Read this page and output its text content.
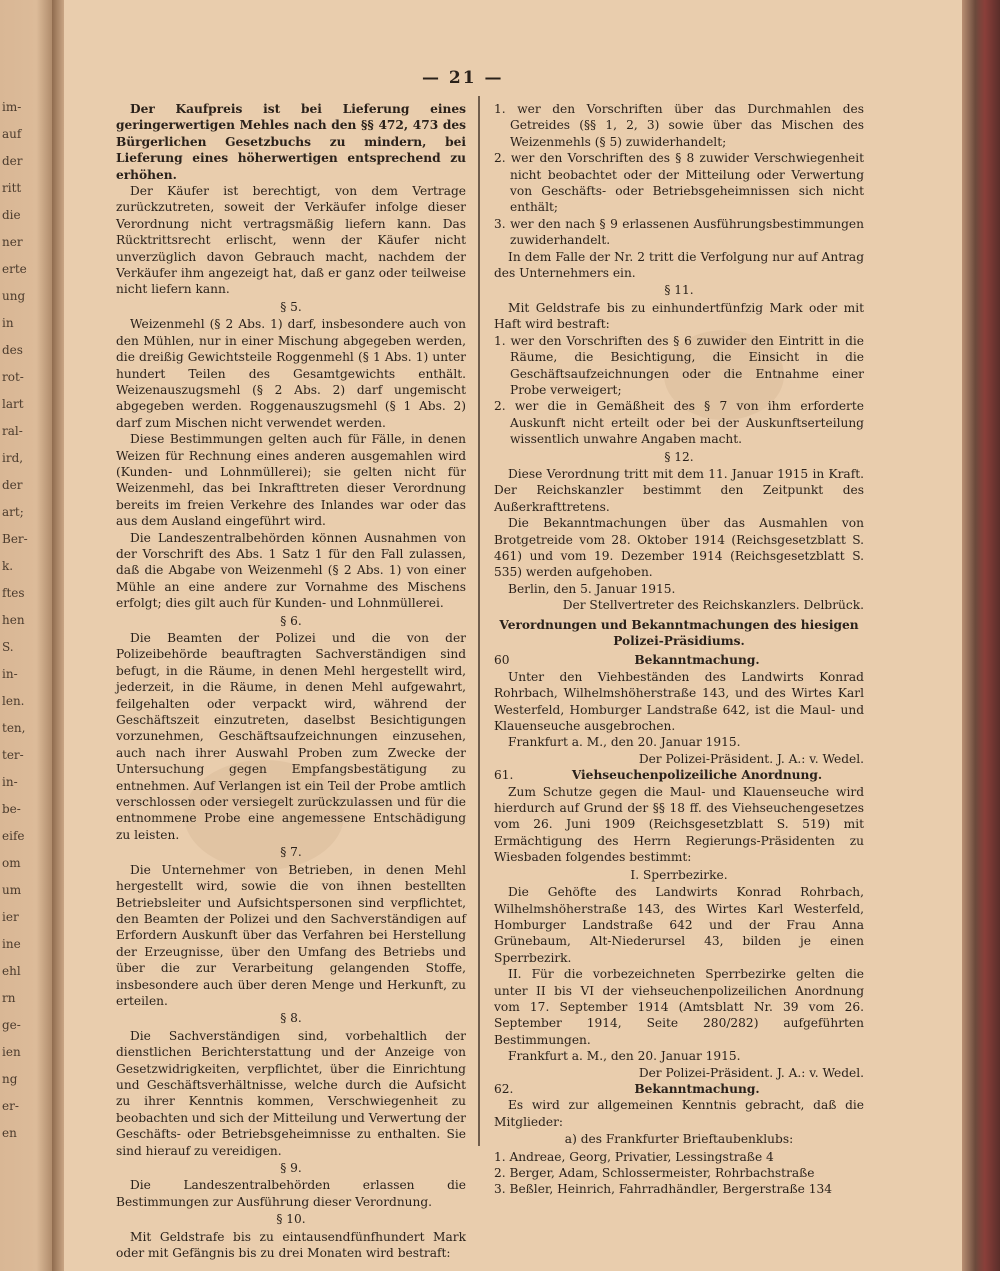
im-
auf
der
ritt
die
ner
erte
ung
in
des
rot-
lart
ral-
ird,
der
art;
Ber-
k.
ftes
hen
S.
in-
len.
ten,
ter-
in-
be-
eife
om
um
ier
ine
ehl
rn
ge-
ien
ng
er-
en
— 21 —

Der Kaufpreis ist bei Lieferung eines geringerwertigen Mehles nach den §§ 472, 473 des Bürgerlichen Gesetzbuchs zu mindern, bei Lieferung eines höherwertigen entsprechend zu erhöhen.

Der Käufer ist berechtigt, von dem Vertrage zurückzutreten, soweit der Verkäufer infolge dieser Verordnung nicht vertragsmäßig liefern kann. Das Rücktrittsrecht erlischt, wenn der Käufer nicht unverzüglich davon Gebrauch macht, nachdem der Verkäufer ihm angezeigt hat, daß er ganz oder teilweise nicht liefern kann.

§ 5.

Weizenmehl (§ 2 Abs. 1) darf, insbesondere auch von den Mühlen, nur in einer Mischung abgegeben werden, die dreißig Gewichtsteile Roggenmehl (§ 1 Abs. 1) unter hundert Teilen des Gesamtgewichts enthält. Weizenauszugsmehl (§ 2 Abs. 2) darf ungemischt abgegeben werden. Roggenauszugsmehl (§ 1 Abs. 2) darf zum Mischen nicht verwendet werden.

Diese Bestimmungen gelten auch für Fälle, in denen Weizen für Rechnung eines anderen ausgemahlen wird (Kunden- und Lohnmüllerei); sie gelten nicht für Weizenmehl, das bei Inkrafttreten dieser Verordnung bereits im freien Verkehre des Inlandes war oder das aus dem Ausland eingeführt wird.

Die Landeszentralbehörden können Ausnahmen von der Vorschrift des Abs. 1 Satz 1 für den Fall zulassen, daß die Abgabe von Weizenmehl (§ 2 Abs. 1) von einer Mühle an eine andere zur Vornahme des Mischens erfolgt; dies gilt auch für Kunden- und Lohnmüllerei.

§ 6.

Die Beamten der Polizei und die von der Polizeibehörde beauftragten Sachverständigen sind befugt, in die Räume, in denen Mehl hergestellt wird, jederzeit, in die Räume, in denen Mehl aufgewahrt, feilgehalten oder verpackt wird, während der Geschäftszeit einzutreten, daselbst Besichtigungen vorzunehmen, Geschäftsaufzeichnungen einzusehen, auch nach ihrer Auswahl Proben zum Zwecke der Untersuchung gegen Empfangsbestätigung zu entnehmen. Auf Verlangen ist ein Teil der Probe amtlich verschlossen oder versiegelt zurückzulassen und für die entnommene Probe eine angemessene Entschädigung zu leisten.

§ 7.

Die Unternehmer von Betrieben, in denen Mehl hergestellt wird, sowie die von ihnen bestellten Betriebsleiter und Aufsichtspersonen sind verpflichtet, den Beamten der Polizei und den Sachverständigen auf Erfordern Auskunft über das Verfahren bei Herstellung der Erzeugnisse, über den Umfang des Betriebs und über die zur Verarbeitung gelangenden Stoffe, insbesondere auch über deren Menge und Herkunft, zu erteilen.

§ 8.

Die Sachverständigen sind, vorbehaltlich der dienstlichen Berichterstattung und der Anzeige von Gesetzwidrigkeiten, verpflichtet, über die Einrichtung und Geschäftsverhältnisse, welche durch die Aufsicht zu ihrer Kenntnis kommen, Verschwiegenheit zu beobachten und sich der Mitteilung und Verwertung der Geschäfts- oder Betriebsgeheimnisse zu enthalten. Sie sind hierauf zu vereidigen.

§ 9.

Die Landeszentralbehörden erlassen die Bestimmungen zur Ausführung dieser Verordnung.

§ 10.

Mit Geldstrafe bis zu eintausendfünfhundert Mark oder mit Gefängnis bis zu drei Monaten wird bestraft:

1. wer den Vorschriften über das Durchmahlen des Getreides (§§ 1, 2, 3) sowie über das Mischen des Weizenmehls (§ 5) zuwiderhandelt;

2. wer den Vorschriften des § 8 zuwider Verschwiegenheit nicht beobachtet oder der Mitteilung oder Verwertung von Geschäfts- oder Betriebsgeheimnissen sich nicht enthält;

3. wer den nach § 9 erlassenen Ausführungsbestimmungen zuwiderhandelt.

In dem Falle der Nr. 2 tritt die Verfolgung nur auf Antrag des Unternehmers ein.

§ 11.

Mit Geldstrafe bis zu einhundertfünfzig Mark oder mit Haft wird bestraft:

1. wer den Vorschriften des § 6 zuwider den Eintritt in die Räume, die Besichtigung, die Einsicht in die Geschäftsaufzeichnungen oder die Entnahme einer Probe verweigert;

2. wer die in Gemäßheit des § 7 von ihm erforderte Auskunft nicht erteilt oder bei der Auskunftserteilung wissentlich unwahre Angaben macht.

§ 12.

Diese Verordnung tritt mit dem 11. Januar 1915 in Kraft. Der Reichskanzler bestimmt den Zeitpunkt des Außerkrafttretens.

Die Bekanntmachungen über das Ausmahlen von Brotgetreide vom 28. Oktober 1914 (Reichsgesetzblatt S. 461) und vom 19. Dezember 1914 (Reichsgesetzblatt S. 535) werden aufgehoben.

Berlin, den 5. Januar 1915.

Der Stellvertreter des Reichskanzlers. Delbrück.

Verordnungen und Bekanntmachungen des hiesigen Polizei-Präsidiums.
60	Bekanntmachung.

Unter den Viehbeständen des Landwirts Konrad Rohrbach, Wilhelmshöherstraße 143, und des Wirtes Karl Westerfeld, Homburger Landstraße 642, ist die Maul- und Klauenseuche ausgebrochen.

Frankfurt a. M., den 20. Januar 1915.

Der Polizei-Präsident. J. A.: v. Wedel.

61.	Viehseuchenpolizeiliche Anordnung.

Zum Schutze gegen die Maul- und Klauenseuche wird hierdurch auf Grund der §§ 18 ff. des Viehseuchengesetzes vom 26. Juni 1909 (Reichsgesetzblatt S. 519) mit Ermächtigung des Herrn Regierungs-Präsidenten zu Wiesbaden folgendes bestimmt:

I. Sperrbezirke.

Die Gehöfte des Landwirts Konrad Rohrbach, Wilhelmshöherstraße 143, des Wirtes Karl Westerfeld, Homburger Landstraße 642 und der Frau Anna Grünebaum, Alt-Niederursel 43, bilden je einen Sperrbezirk.

II. Für die vorbezeichneten Sperrbezirke gelten die unter II bis VI der viehseuchenpolizeilichen Anordnung vom 17. September 1914 (Amtsblatt Nr. 39 vom 26. September 1914, Seite 280/282) aufgeführten Bestimmungen.

Frankfurt a. M., den 20. Januar 1915.

Der Polizei-Präsident. J. A.: v. Wedel.

62.	Bekanntmachung.

Es wird zur allgemeinen Kenntnis gebracht, daß die Mitglieder:

a) des Frankfurter Brieftaubenklubs:

1. Andreae, Georg, Privatier, Lessingstraße 4

2. Berger, Adam, Schlossermeister, Rohrbachstraße

3. Beßler, Heinrich, Fahrradhändler, Bergerstraße 134
